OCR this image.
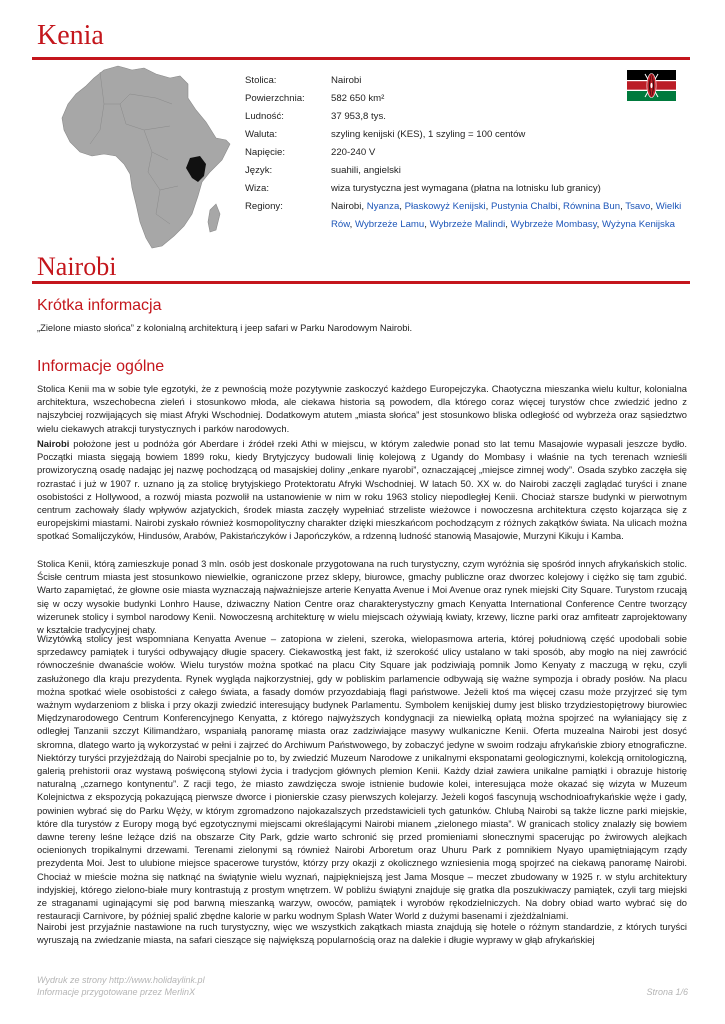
Kenia
Stolica:	Nairobi
Powierzchnia:	582 650 km²
Ludność:	37 953,8 tys.
Waluta:	szyling kenijski (KES), 1 szyling = 100 centów
Napięcie:	220-240 V
Język:	suahili, angielski
Wiza:	wiza turystyczna jest wymagana (płatna na lotnisku lub granicy)
Regiony:	Nairobi, Nyanza, Płaskowyż Kenijski, Pustynia Chalbi, Równina Bun, Tsavo, Wielki Rów, Wybrzeże Lamu, Wybrzeże Malindi, Wybrzeże Mombasy, Wyżyna Kenijska
Nairobi
Krótka informacja

„Zielone miasto słońca” z kolonialną architekturą i jeep safari w Parku Narodowym Nairobi.

Informacje ogólne

Stolica Kenii ma w sobie tyle egzotyki, że z pewnością może pozytywnie zaskoczyć każdego Europejczyka. Chaotyczna mieszanka wielu kultur, kolonialna architektura, wszechobecna zieleń i stosunkowo młoda, ale ciekawa historia są powodem, dla którego coraz więcej turystów chce zwiedzić jedno z najszybciej rozwijających się miast Afryki Wschodniej. Dodatkowym atutem „miasta słońca” jest stosunkowo bliska odległość od wybrzeża oraz sąsiedztwo wielu ciekawych atrakcji turystycznych i parków narodowych.

Nairobi położone jest u podnóża gór Aberdare i źródeł rzeki Athi w miejscu, w którym zaledwie ponad sto lat temu Masajowie wypasali jeszcze bydło. Początki miasta sięgają bowiem 1899 roku, kiedy Brytyjczycy budowali linię kolejową z Ugandy do Mombasy i właśnie na tych terenach wznieśli prowizoryczną osadę nadając jej nazwę pochodzącą od masajskiej doliny „enkare nyarobi”, oznaczającej „miejsce zimnej wody”. Osada szybko zaczęła się rozrastać i już w 1907 r. uznano ją za stolicę brytyjskiego Protektoratu Afryki Wschodniej. W latach 50. XX w. do Nairobi zaczęli zaglądać turyści i znane osobistości z Hollywood, a rozwój miasta pozwolił na ustanowienie w nim w roku 1963 stolicy niepodległej Kenii. Chociaż starsze budynki w pierwotnym centrum zachowały ślady wpływów azjatyckich, środek miasta zaczęły wypełniać strzeliste wieżowce i nowoczesna architektura często kojarząca się z europejskimi miastami. Nairobi zyskało również kosmopolityczny charakter dzięki mieszkańcom pochodzącym z różnych zakątków świata. Na ulicach można spotkać Somalijczyków, Hindusów, Arabów, Pakistańczyków i Japończyków, a rdzenną ludność stanowią Masajowie, Murzyni Kikuju i Kamba.

Stolica Kenii, którą zamieszkuje ponad 3 mln. osób jest doskonale przygotowana na ruch turystyczny, czym wyróżnia się spośród innych afrykańskich stolic. Ścisłe centrum miasta jest stosunkowo niewielkie, ograniczone przez sklepy, biurowce, gmachy publiczne oraz dworzec kolejowy i ciężko się tam zgubić. Warto zapamiętać, że głowne osie miasta wyznaczają najważniejsze arterie Kenyatta Avenue i Moi Avenue oraz rynek miejski City Square. Turystom rzucają się w oczy wysokie budynki Lonhro Hause, dziwaczny Nation Centre oraz charakterystyczny gmach Kenyatta International Conference Centre tworzący wizerunek stolicy i symbol narodowy Kenii. Nowoczesną architekturę w wielu miejscach ożywiają kwiaty, krzewy, liczne parki oraz amfiteatr zaprojektowany w kształcie tradycyjnej chaty.

Wizytówką stolicy jest wspomniana Kenyatta Avenue – zatopiona w zieleni, szeroka, wielopasmowa arteria, której południową część upodobali sobie sprzedawcy pamiątek i turyści odbywający długie spacery. Ciekawostką jest fakt, iż szerokość ulicy ustalano w taki sposób, aby mogło na niej zawrócić równocześnie dwanaście wołów. Wielu turystów można spotkać na placu City Square jak podziwiają pomnik Jomo Kenyaty z maczugą w ręku, czyli zasłużonego dla kraju prezydenta. Rynek wygląda najkorzystniej, gdy w pobliskim parlamencie odbywają się ważne sympozja i obrady posłów. Na placu można spotkać wiele osobistości z całego świata, a fasady domów przyozdabiają flagi państwowe. Jeżeli ktoś ma więcej czasu może przyjrzeć się tym ważnym wydarzeniom z bliska i przy okazji zwiedzić interesujący budynek Parlamentu. Symbolem kenijskiej dumy jest blisko trzydziestopiętrowy biurowiec Międzynarodowego Centrum Konferencyjnego Kenyatta, z którego najwyższych kondygnacji za niewielką opłatą można spojrzeć na wyłaniający się z odległej Tanzanii szczyt Kilimandżaro, wspaniałą panoramę miasta oraz zadziwiające masywy wulkaniczne Kenii. Oferta muzealna Nairobi jest dosyć skromna, dlatego warto ją wykorzystać w pełni i zajrzeć do Archiwum Państwowego, by zobaczyć jedyne w swoim rodzaju afrykańskie zbiory etnograficzne. Niektórzy turyści przyjeżdżają do Nairobi specjalnie po to, by zwiedzić Muzeum Narodowe z unikalnymi eksponatami geologicznymi, kolekcją ornitologiczną, galerią prehistorii oraz wystawą poświęconą stylowi życia i tradycjom głównych plemion Kenii. Każdy dział zawiera unikalne pamiątki i obrazuje historię naturalną „czarnego kontynentu”. Z racji tego, że miasto zawdzięcza swoje istnienie budowie kolei, interesująca może okazać się wizyta w Muzeum Kolejnictwa z ekspozycją pokazującą pierwsze dworce i pionierskie czasy pierwszych kolejarzy. Jeżeli kogoś fascynują wschodnioafrykańskie węże i gady, powinien wybrać się do Parku Węży, w którym zgromadzono najokazalszych przedstawicieli tych gatunków. Chlubą Nairobi są także liczne parki miejskie, które dla turystów z Europy mogą być egzotycznymi miejscami określającymi Nairobi mianem „zielonego miasta”. W granicach stolicy znalazły się bowiem dawne tereny leśne leżące dziś na obszarze City Park, gdzie warto schronić się przed promieniami słonecznymi spacerując po żwirowych alejkach ocienionych tropikalnymi drzewami. Terenami zielonymi są również Nairobi Arboretum oraz Uhuru Park z pomnikiem Nyayo upamiętniającym rządy prezydenta Moi. Jest to ulubione miejsce spacerowe turystów, którzy przy okazji z okolicznego wzniesienia mogą spojrzeć na ciekawą panoramę Nairobi. Chociaż w mieście można się natknąć na świątynie wielu wyznań, najpiękniejszą jest Jama Mosque – meczet zbudowany w 1925 r. w stylu architektury indyjskiej, którego zielono-białe mury kontrastują z prostym wnętrzem. W pobliżu świątyni znajduje się gratka dla poszukiwaczy pamiątek, czyli targ miejski ze straganami uginającymi się pod barwną mieszanką warzyw, owoców, pamiątek i wyrobów rękodzielniczych. Na dobry obiad warto wybrać się do restauracji Carnivore, by później spalić zbędne kalorie w parku wodnym Splash Water World z dużymi basenami i zjeżdżalniami.

Nairobi jest przyjaźnie nastawione na ruch turystyczny, więc we wszystkich zakątkach miasta znajdują się hotele o różnym standardzie, z których turyści wyruszają na zwiedzanie miasta, na safari cieszące się największą popularnością oraz na dalekie i długie wyprawy w głąb afrykańskiej

Wydruk ze strony http://www.holidaylink.pl
Informacje przygotowane przez MerlinX	Strona 1/6
